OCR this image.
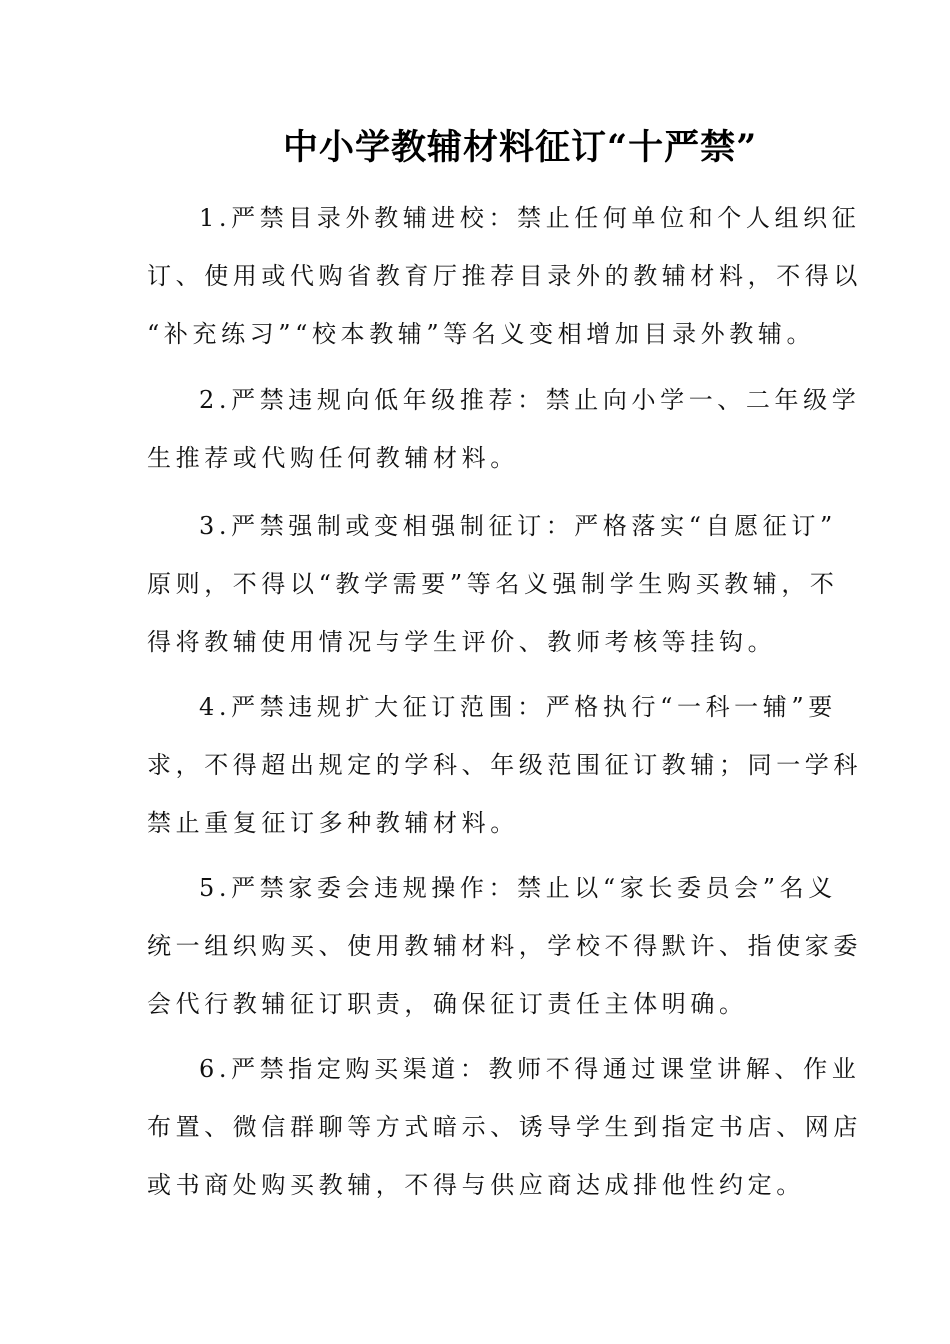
中小学教辅材料征订“十严禁”
1.严禁目录外教辅进校：禁止任何单位和个人组织征
订、使用或代购省教育厅推荐目录外的教辅材料，不得以
“补充练习”“校本教辅”等名义变相增加目录外教辅。
2.严禁违规向低年级推荐：禁止向小学一、二年级学
生推荐或代购任何教辅材料。
3.严禁强制或变相强制征订：严格落实“自愿征订”
原则，不得以“教学需要”等名义强制学生购买教辅，不
得将教辅使用情况与学生评价、教师考核等挂钩。
4.严禁违规扩大征订范围：严格执行“一科一辅”要
求，不得超出规定的学科、年级范围征订教辅；同一学科
禁止重复征订多种教辅材料。
5.严禁家委会违规操作：禁止以“家长委员会”名义
统一组织购买、使用教辅材料，学校不得默许、指使家委
会代行教辅征订职责，确保征订责任主体明确。
6.严禁指定购买渠道：教师不得通过课堂讲解、作业
布置、微信群聊等方式暗示、诱导学生到指定书店、网店
或书商处购买教辅，不得与供应商达成排他性约定。
